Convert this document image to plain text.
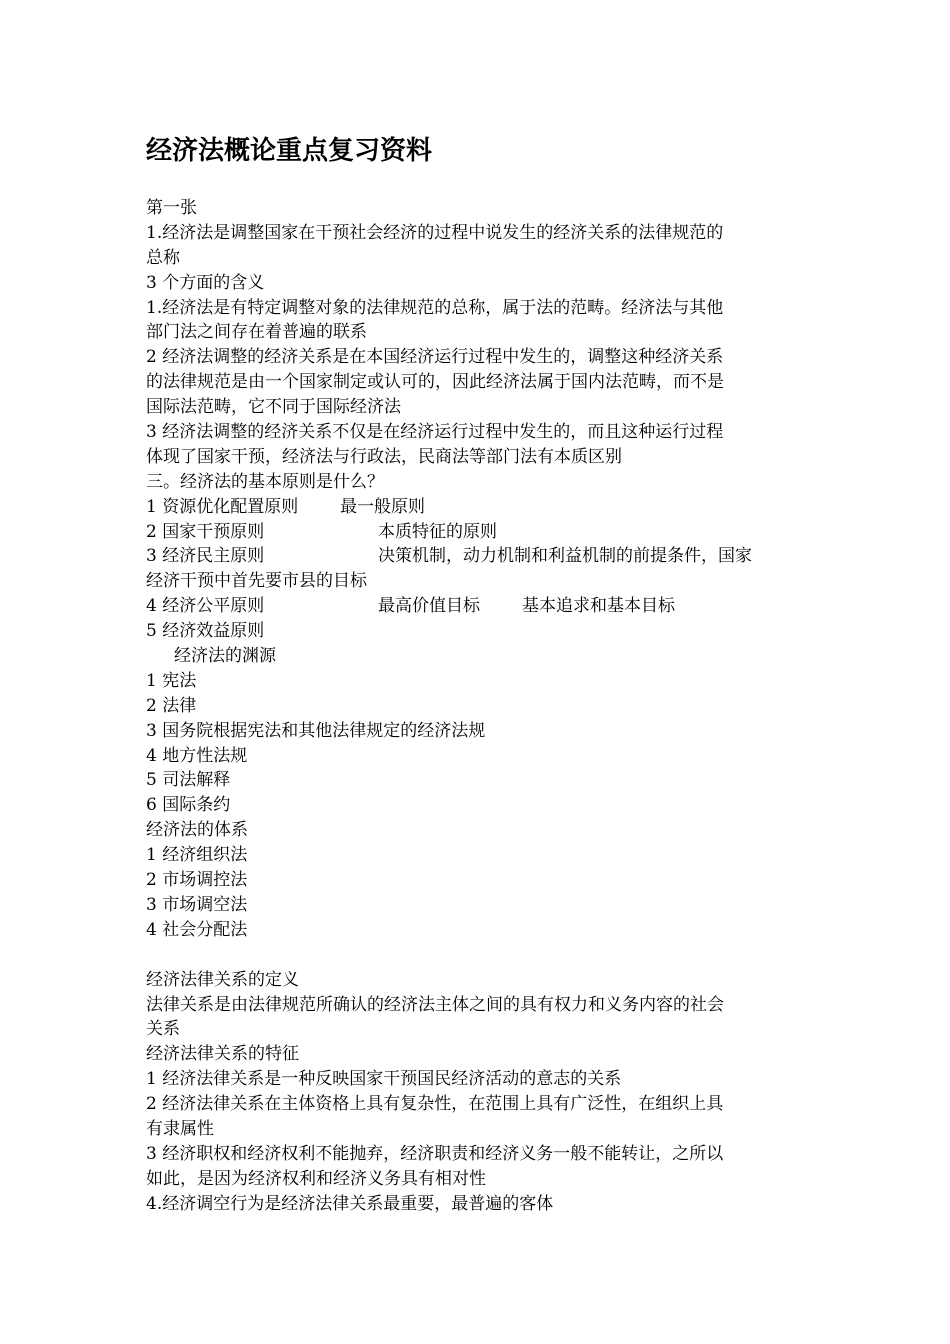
经济法概论重点复习资料
第一张
1.经济法是调整国家在干预社会经济的过程中说发生的经济关系的法律规范的
总称
3 个方面的含义
1.经济法是有特定调整对象的法律规范的总称，属于法的范畴。经济法与其他
部门法之间存在着普遍的联系
2 经济法调整的经济关系是在本国经济运行过程中发生的，调整这种经济关系
的法律规范是由一个国家制定或认可的，因此经济法属于国内法范畴，而不是
国际法范畴，它不同于国际经济法
3 经济法调整的经济关系不仅是在经济运行过程中发生的，而且这种运行过程
体现了国家干预，经济法与行政法，民商法等部门法有本质区别
三。经济法的基本原则是什么？
1 资源优化配置原则 最一般原则
2 国家干预原则	本质特征的原则
3 经济民主原则	决策机制，动力机制和利益机制的前提条件，国家
经济干预中首先要市县的目标
4 经济公平原则	最高价值目标 基本追求和基本目标
5 经济效益原则
经济法的渊源
1 宪法
2 法律
3 国务院根据宪法和其他法律规定的经济法规
4 地方性法规
5 司法解释
6 国际条约
经济法的体系
1 经济组织法
2 市场调控法
3 市场调空法
4 社会分配法
经济法律关系的定义
法律关系是由法律规范所确认的经济法主体之间的具有权力和义务内容的社会
关系
经济法律关系的特征
1 经济法律关系是一种反映国家干预国民经济活动的意志的关系
2 经济法律关系在主体资格上具有复杂性，在范围上具有广泛性，在组织上具
有隶属性
3 经济职权和经济权利不能抛弃，经济职责和经济义务一般不能转让，之所以
如此，是因为经济权利和经济义务具有相对性
4.经济调空行为是经济法律关系最重要，最普遍的客体
